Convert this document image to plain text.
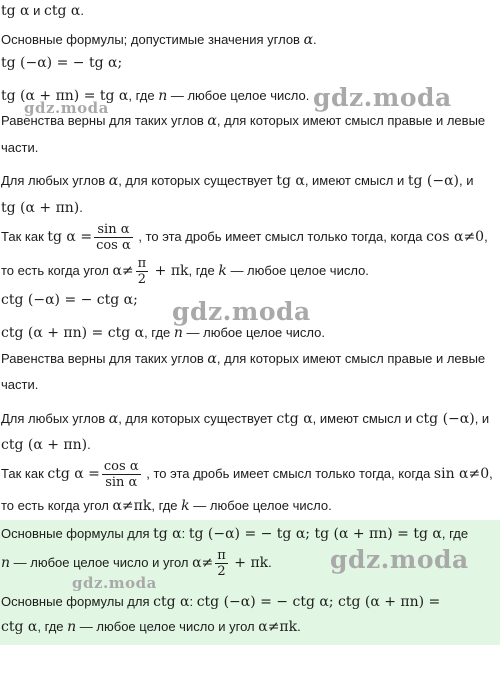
tg α и ctg α.
Основные формулы; допустимые значения углов α.
tg (−α) = − tg α;
tg (α + πn) = tg α, где n — любое целое число.
Равенства верны для таких углов α, для которых имеют смысл правые и левые
части.
Для любых углов α, для которых существует tg α, имеют смысл и tg (−α), и
tg (α + πn).
Так как tg $\alpha = \frac{\text{sin α}}{\text{cos α}}$ , то эта дробь имеет смысл только тогда, когда cos α≠0,
то есть когда угол $\alpha\ne \frac{\pi}{2} + \pi k$, где k — любое целое число.
ctg (−α) = − ctg α;
ctg (α + πn) = ctg α, где n — любое целое число.
Равенства верны для таких углов α, для которых имеют смысл правые и левые
части.
Для любых углов α, для которых существует ctg α, имеют смысл и ctg (−α), и
ctg (α + πn).
Так как ctg $\alpha = \frac{\text{cos α}}{\text{sin α}}$ , то эта дробь имеет смысл только тогда, когда sin α≠0,
то есть когда угол α≠πk, где k — любое целое число.
Основные формулы для tg α: tg (−α) = − tg α; tg (α + πn) = tg α, где
n — любое целое число и угол $\alpha\ne \frac{\pi}{2} + \pi k$.
Основные формулы для ctg α: ctg (−α) = − ctg α; ctg (α + πn) =
ctg α, где n — любое целое число и угол α≠πk.
gdz.moda	gdz.moda
gdz.moda
gdz.moda
gdz.moda
